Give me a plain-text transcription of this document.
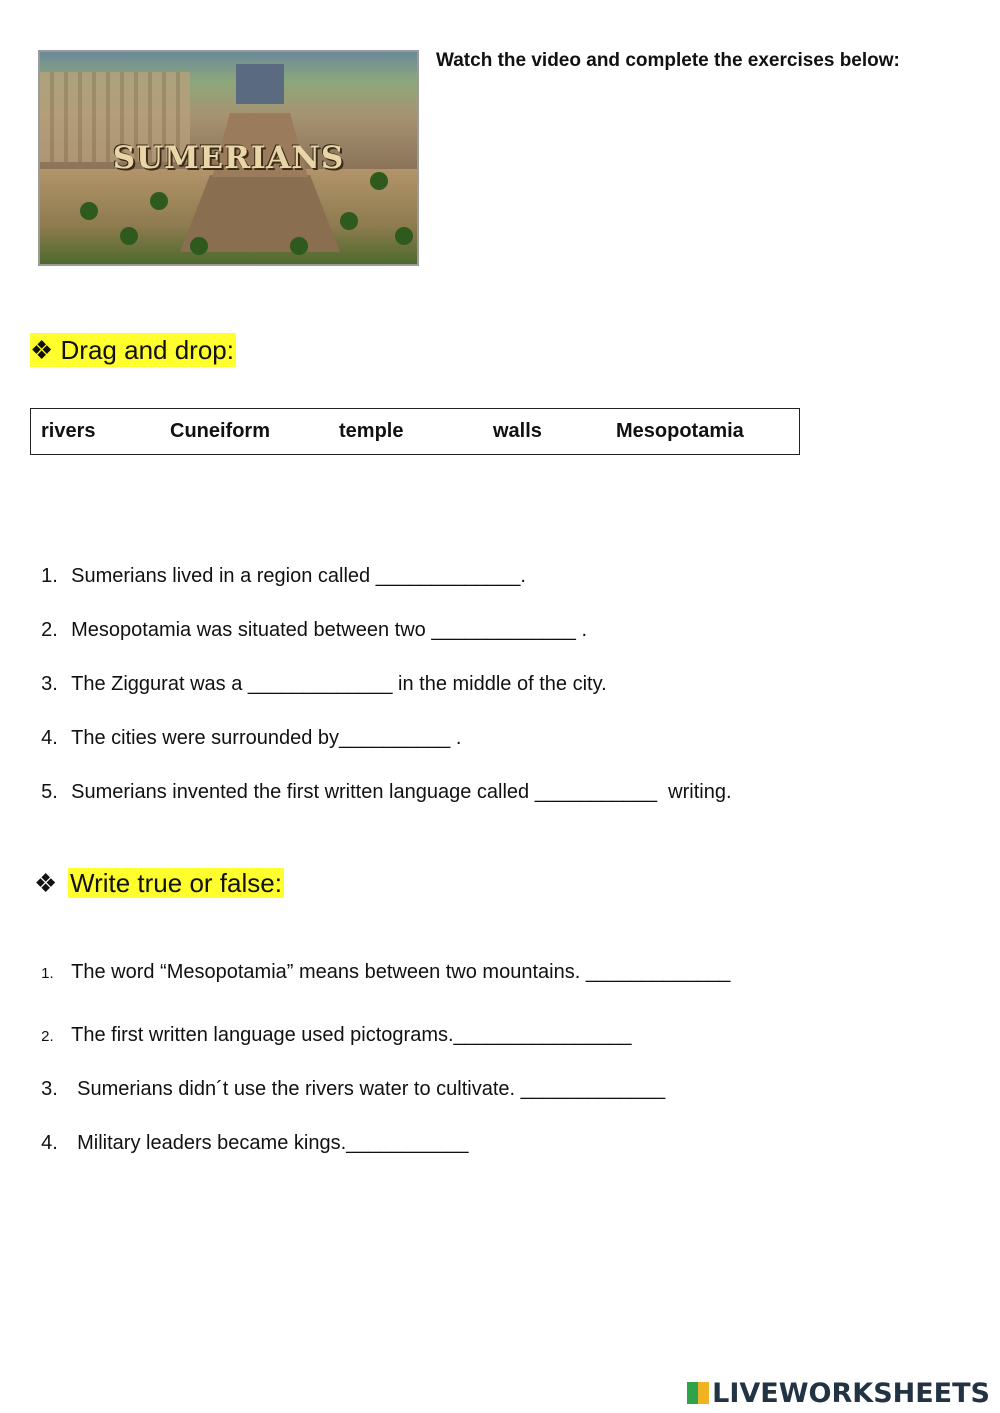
SUMERIANS
Watch the video and complete the exercises below:
❖ Drag and drop:
rivers	Cuneiform	temple	walls	Mesopotamia

1. Sumerians lived in a region called _____________.

2. Mesopotamia was situated between two _____________ .

3. The Ziggurat was a _____________ in the middle of the city.

4. The cities were surrounded by__________ .

5. Sumerians invented the first written language called ___________  writing.

❖ Write true or false:

1. The word “Mesopotamia” means between two mountains. _____________

2. The first written language used pictograms.________________

3. Sumerians didn´t use the rivers water to cultivate. _____________

4. Military leaders became kings.___________

LIVEWORKSHEETS
